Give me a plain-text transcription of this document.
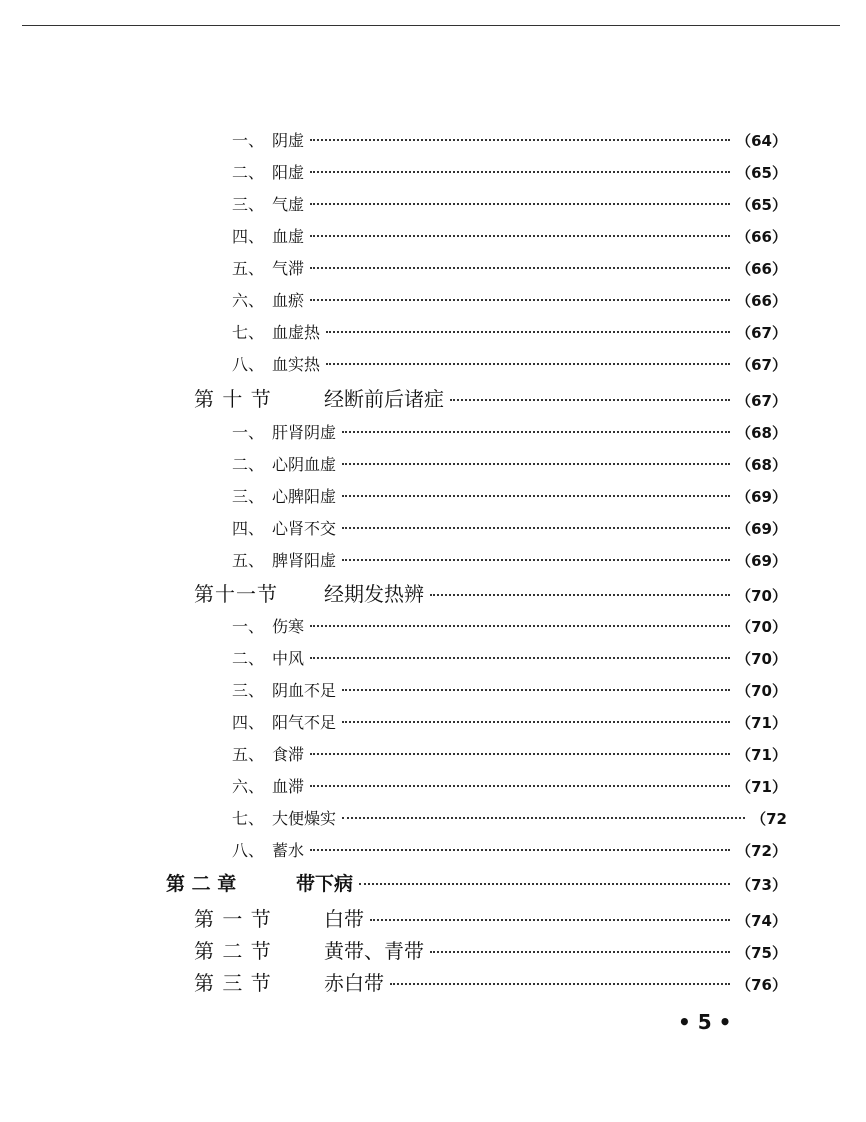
一、 阴虚	（64）
二、 阳虚	（65）
三、 气虚	（65）
四、 血虚	（66）
五、 气滞	（66）
六、 血瘀	（66）
七、 血虚热	（67）
八、 血实热	（67）
第 十 节	经断前后诸症	（67）
一、 肝肾阴虚	（68）
二、 心阴血虚	（68）
三、 心脾阳虚	（69）
四、 心肾不交	（69）
五、 脾肾阳虚	（69）
第十一节	经期发热辨	（70）
一、 伤寒	（70）
二、 中风	（70）
三、 阴血不足	（70）
四、 阳气不足	（71）
五、 食滞	（71）
六、 血滞	（71）
七、 大便燥实	（72
八、 蓄水	（72）
第 二 章	带下病	（73）
第 一 节	白带	（74）
第 二 节	黄带、青带	（75）
第 三 节	赤白带	（76）
• 5 •
